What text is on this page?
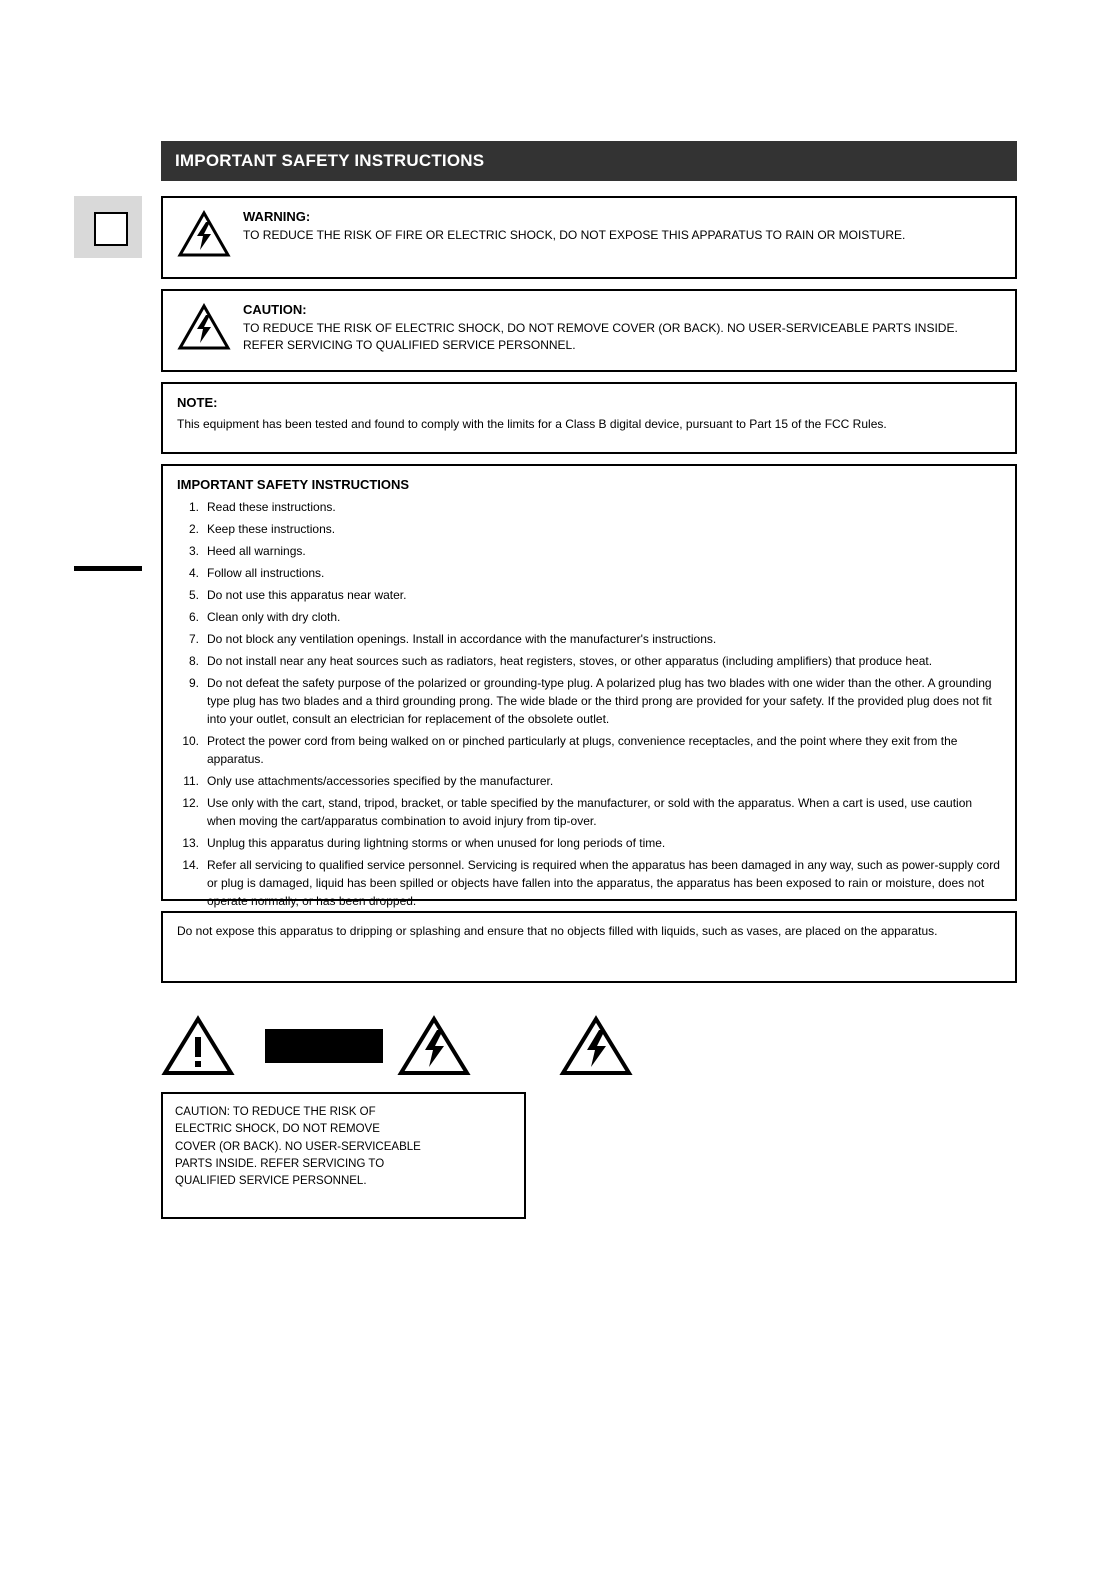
IMPORTANT SAFETY INSTRUCTIONS
WARNING:
TO REDUCE THE RISK OF FIRE OR ELECTRIC SHOCK, DO NOT EXPOSE THIS APPARATUS TO RAIN OR MOISTURE.
CAUTION:
TO REDUCE THE RISK OF ELECTRIC SHOCK, DO NOT REMOVE COVER (OR BACK). NO USER-SERVICEABLE PARTS INSIDE. REFER SERVICING TO QUALIFIED SERVICE PERSONNEL.
NOTE:
This equipment has been tested and found to comply with the limits for a Class B digital device, pursuant to Part 15 of the FCC Rules.
IMPORTANT SAFETY INSTRUCTIONS
1. Read these instructions.
2. Keep these instructions.
3. Heed all warnings.
4. Follow all instructions.
5. Do not use this apparatus near water.
6. Clean only with dry cloth.
7. Do not block any ventilation openings. Install in accordance with the manufacturer's instructions.
8. Do not install near any heat sources such as radiators, heat registers, stoves, or other apparatus (including amplifiers) that produce heat.
9. Do not defeat the safety purpose of the polarized or grounding-type plug. A polarized plug has two blades with one wider than the other. A grounding type plug has two blades and a third grounding prong. The wide blade or the third prong are provided for your safety. If the provided plug does not fit into your outlet, consult an electrician for replacement of the obsolete outlet.
10. Protect the power cord from being walked on or pinched particularly at plugs, convenience receptacles, and the point where they exit from the apparatus.
11. Only use attachments/accessories specified by the manufacturer.
12. Use only with the cart, stand, tripod, bracket, or table specified by the manufacturer, or sold with the apparatus. When a cart is used, use caution when moving the cart/apparatus combination to avoid injury from tip-over.
13. Unplug this apparatus during lightning storms or when unused for long periods of time.
14. Refer all servicing to qualified service personnel. Servicing is required when the apparatus has been damaged in any way, such as power-supply cord or plug is damaged, liquid has been spilled or objects have fallen into the apparatus, the apparatus has been exposed to rain or moisture, does not operate normally, or has been dropped.
Do not expose this apparatus to dripping or splashing and ensure that no objects filled with liquids, such as vases, are placed on the apparatus.
CAUTION: TO REDUCE THE RISK OF
ELECTRIC SHOCK, DO NOT REMOVE
COVER (OR BACK). NO USER-SERVICEABLE
PARTS INSIDE. REFER SERVICING TO
QUALIFIED SERVICE PERSONNEL.
